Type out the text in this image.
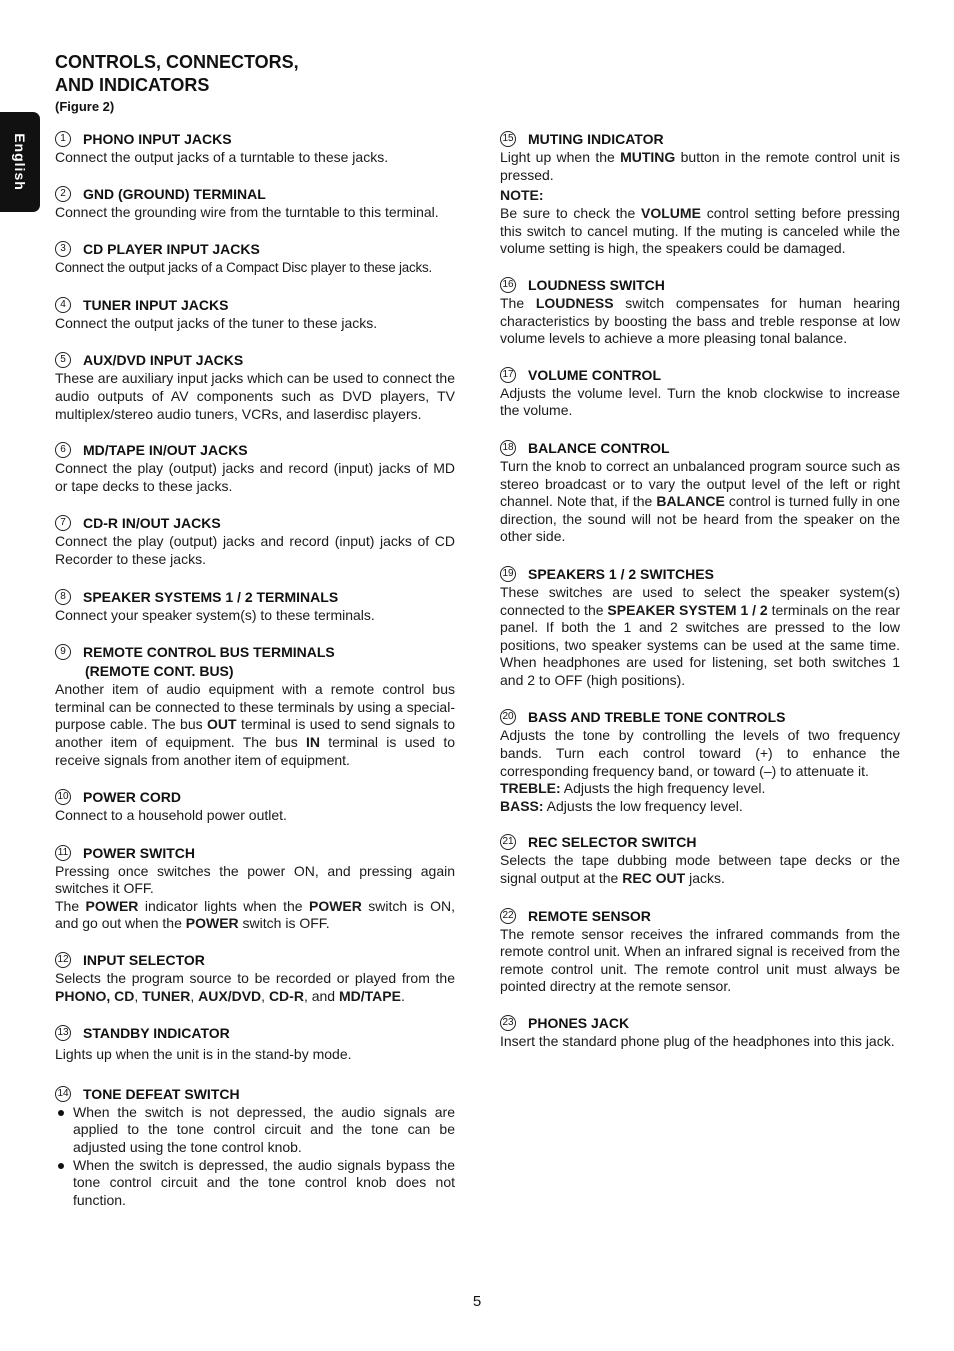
English
CONTROLS, CONNECTORS,
AND INDICATORS
(Figure 2)
1	PHONO INPUT JACKS

Connect the output jacks of a turntable to these jacks.

2	GND (GROUND) TERMINAL

Connect the grounding wire from the turntable to this terminal.

3	CD PLAYER INPUT JACKS

Connect the output jacks of a Compact Disc player to these jacks.

4	TUNER INPUT JACKS

Connect the output jacks of the tuner to these jacks.

5	AUX/DVD INPUT JACKS

These are auxiliary input jacks which can be used to connect the audio outputs of AV components such as DVD players, TV multiplex/stereo audio tuners, VCRs, and laserdisc players.

6	MD/TAPE IN/OUT JACKS

Connect the play (output) jacks and record (input) jacks of MD or tape decks to these jacks.

7	CD-R IN/OUT JACKS

Connect the play (output) jacks and record (input) jacks of CD Recorder to these jacks.

8	SPEAKER SYSTEMS 1 / 2 TERMINALS

Connect your speaker system(s) to these terminals.

9	REMOTE CONTROL BUS TERMINALS
(REMOTE CONT. BUS)

Another item of audio equipment with a remote control bus terminal can be connected to these terminals by using a special-purpose cable. The bus OUT terminal is used to send signals to another item of equipment. The bus IN terminal is used to receive signals from another item of equipment.

10 POWER CORD

Connect to a household power outlet.

11 POWER SWITCH

Pressing once switches the power ON, and pressing again switches it OFF.

The POWER indicator lights when the POWER switch is ON, and go out when the POWER switch is OFF.

12 INPUT SELECTOR

Selects the program source to be recorded or played from the PHONO, CD, TUNER, AUX/DVD, CD-R, and MD/TAPE.

13 STANDBY INDICATOR

Lights up when the unit is in the stand-by mode.

14 TONE DEFEAT SWITCH
When the switch is not depressed, the audio signals are applied to the tone control circuit and the tone can be adjusted using the tone control knob.
When the switch is depressed, the audio signals bypass the tone control circuit and the tone control knob does not function.
15 MUTING INDICATOR

Light up when the MUTING button in the remote control unit is pressed.

NOTE:

Be sure to check the VOLUME control setting before pressing this switch to cancel muting. If the muting is canceled while the volume setting is high, the speakers could be damaged.

16 LOUDNESS SWITCH

The LOUDNESS switch compensates for human hearing characteristics by boosting the bass and treble response at low volume levels to achieve a more pleasing tonal balance.

17 VOLUME CONTROL

Adjusts the volume level. Turn the knob clockwise to increase the volume.

18 BALANCE CONTROL

Turn the knob to correct an unbalanced program source such as stereo broadcast or to vary the output level of the left or right channel. Note that, if the BALANCE control is turned fully in one direction, the sound will not be heard from the speaker on the other side.

19 SPEAKERS 1 / 2 SWITCHES

These switches are used to select the speaker system(s) connected to the SPEAKER SYSTEM 1 / 2 terminals on the rear panel. If both the 1 and 2 switches are pressed to the low positions, two speaker systems can be used at the same time. When headphones are used for listening, set both switches 1 and 2 to OFF (high positions).

20 BASS AND TREBLE TONE CONTROLS

Adjusts the tone by controlling the levels of two frequency bands. Turn each control toward (+) to enhance the corresponding frequency band, or toward (–) to attenuate it.

TREBLE: Adjusts the high frequency level.

BASS: Adjusts the low frequency level.

21 REC SELECTOR SWITCH

Selects the tape dubbing mode between tape decks or the signal output at the REC OUT jacks.

22 REMOTE SENSOR

The remote sensor receives the infrared commands from the remote control unit. When an infrared signal is received from the remote control unit. The remote control unit must always be pointed directry at the remote sensor.

23 PHONES JACK

Insert the standard phone plug of the headphones into this jack.

5
